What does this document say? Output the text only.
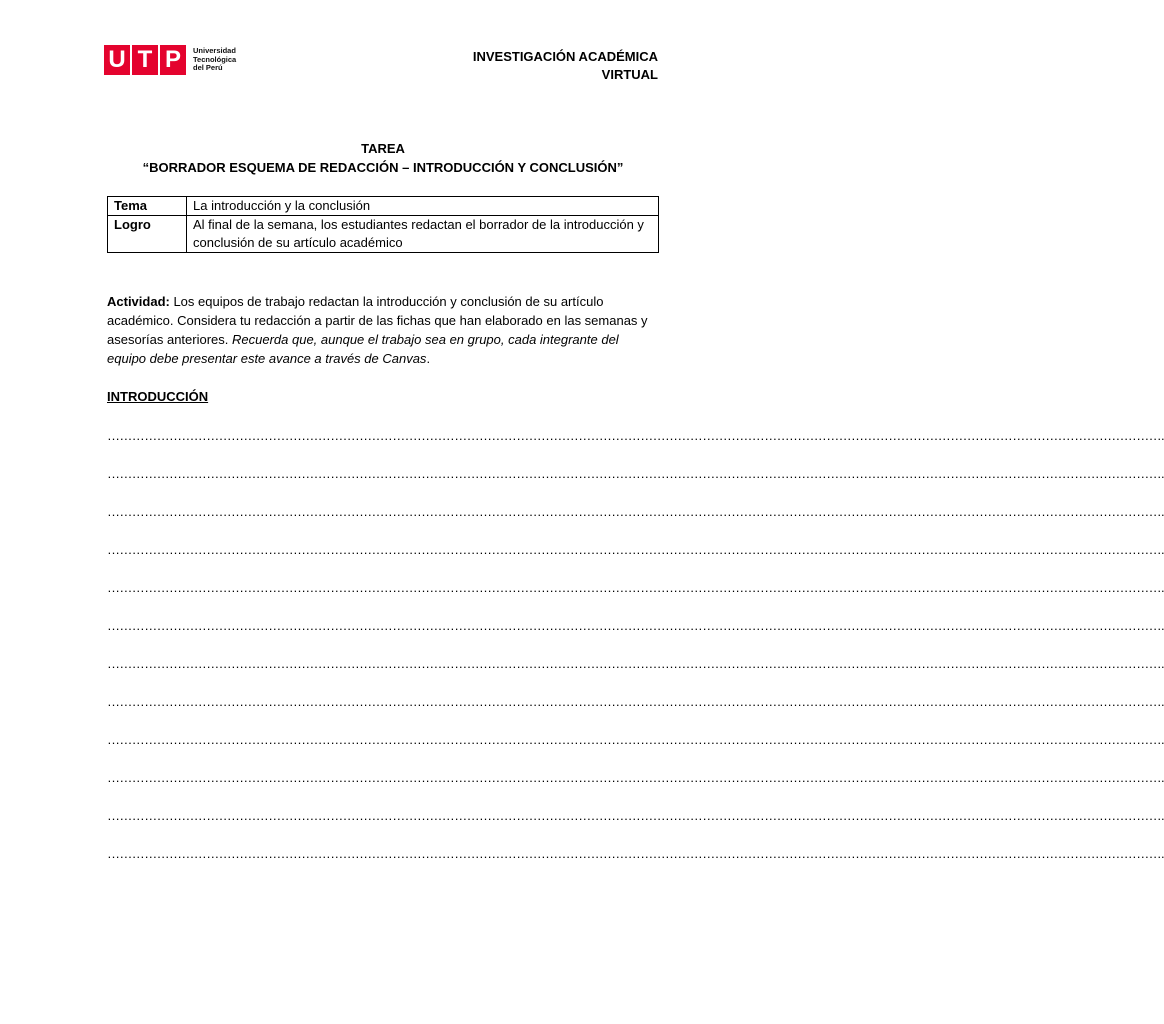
U T P	Universidad
Tecnológica
del Perú
INVESTIGACIÓN ACADÉMICA
VIRTUAL
TAREA
“BORRADOR ESQUEMA DE REDACCIÓN – INTRODUCCIÓN Y CONCLUSIÓN”
Tema	La introducción y la conclusión
Logro	Al final de la semana, los estudiantes redactan el borrador de la introducción y conclusión de su artículo académico
Actividad: Los equipos de trabajo redactan la introducción y conclusión de su artículo académico. Considera tu redacción a partir de las fichas que han elaborado en las semanas y asesorías anteriores. Recuerda que, aunque el trabajo sea en grupo, cada integrante del equipo debe presentar este avance a través de Canvas.
INTRODUCCIÓN
………………………………………………………………………………………………………………………………………………………………………………………………………………………………….
………………………………………………………………………………………………………………………………………………………………………………………………………………………………….
………………………………………………………………………………………………………………………………………………………………………………………………………………………………….
………………………………………………………………………………………………………………………………………………………………………………………………………………………………….
………………………………………………………………………………………………………………………………………………………………………………………………………………………………….
………………………………………………………………………………………………………………………………………………………………………………………………………………………………….
………………………………………………………………………………………………………………………………………………………………………………………………………………………………….
………………………………………………………………………………………………………………………………………………………………………………………………………………………………….
………………………………………………………………………………………………………………………………………………………………………………………………………………………………….
………………………………………………………………………………………………………………………………………………………………………………………………………………………………….
………………………………………………………………………………………………………………………………………………………………………………………………………………………………….
………………………………………………………………………………………………………………………………………………………………………………………………………………………………….
